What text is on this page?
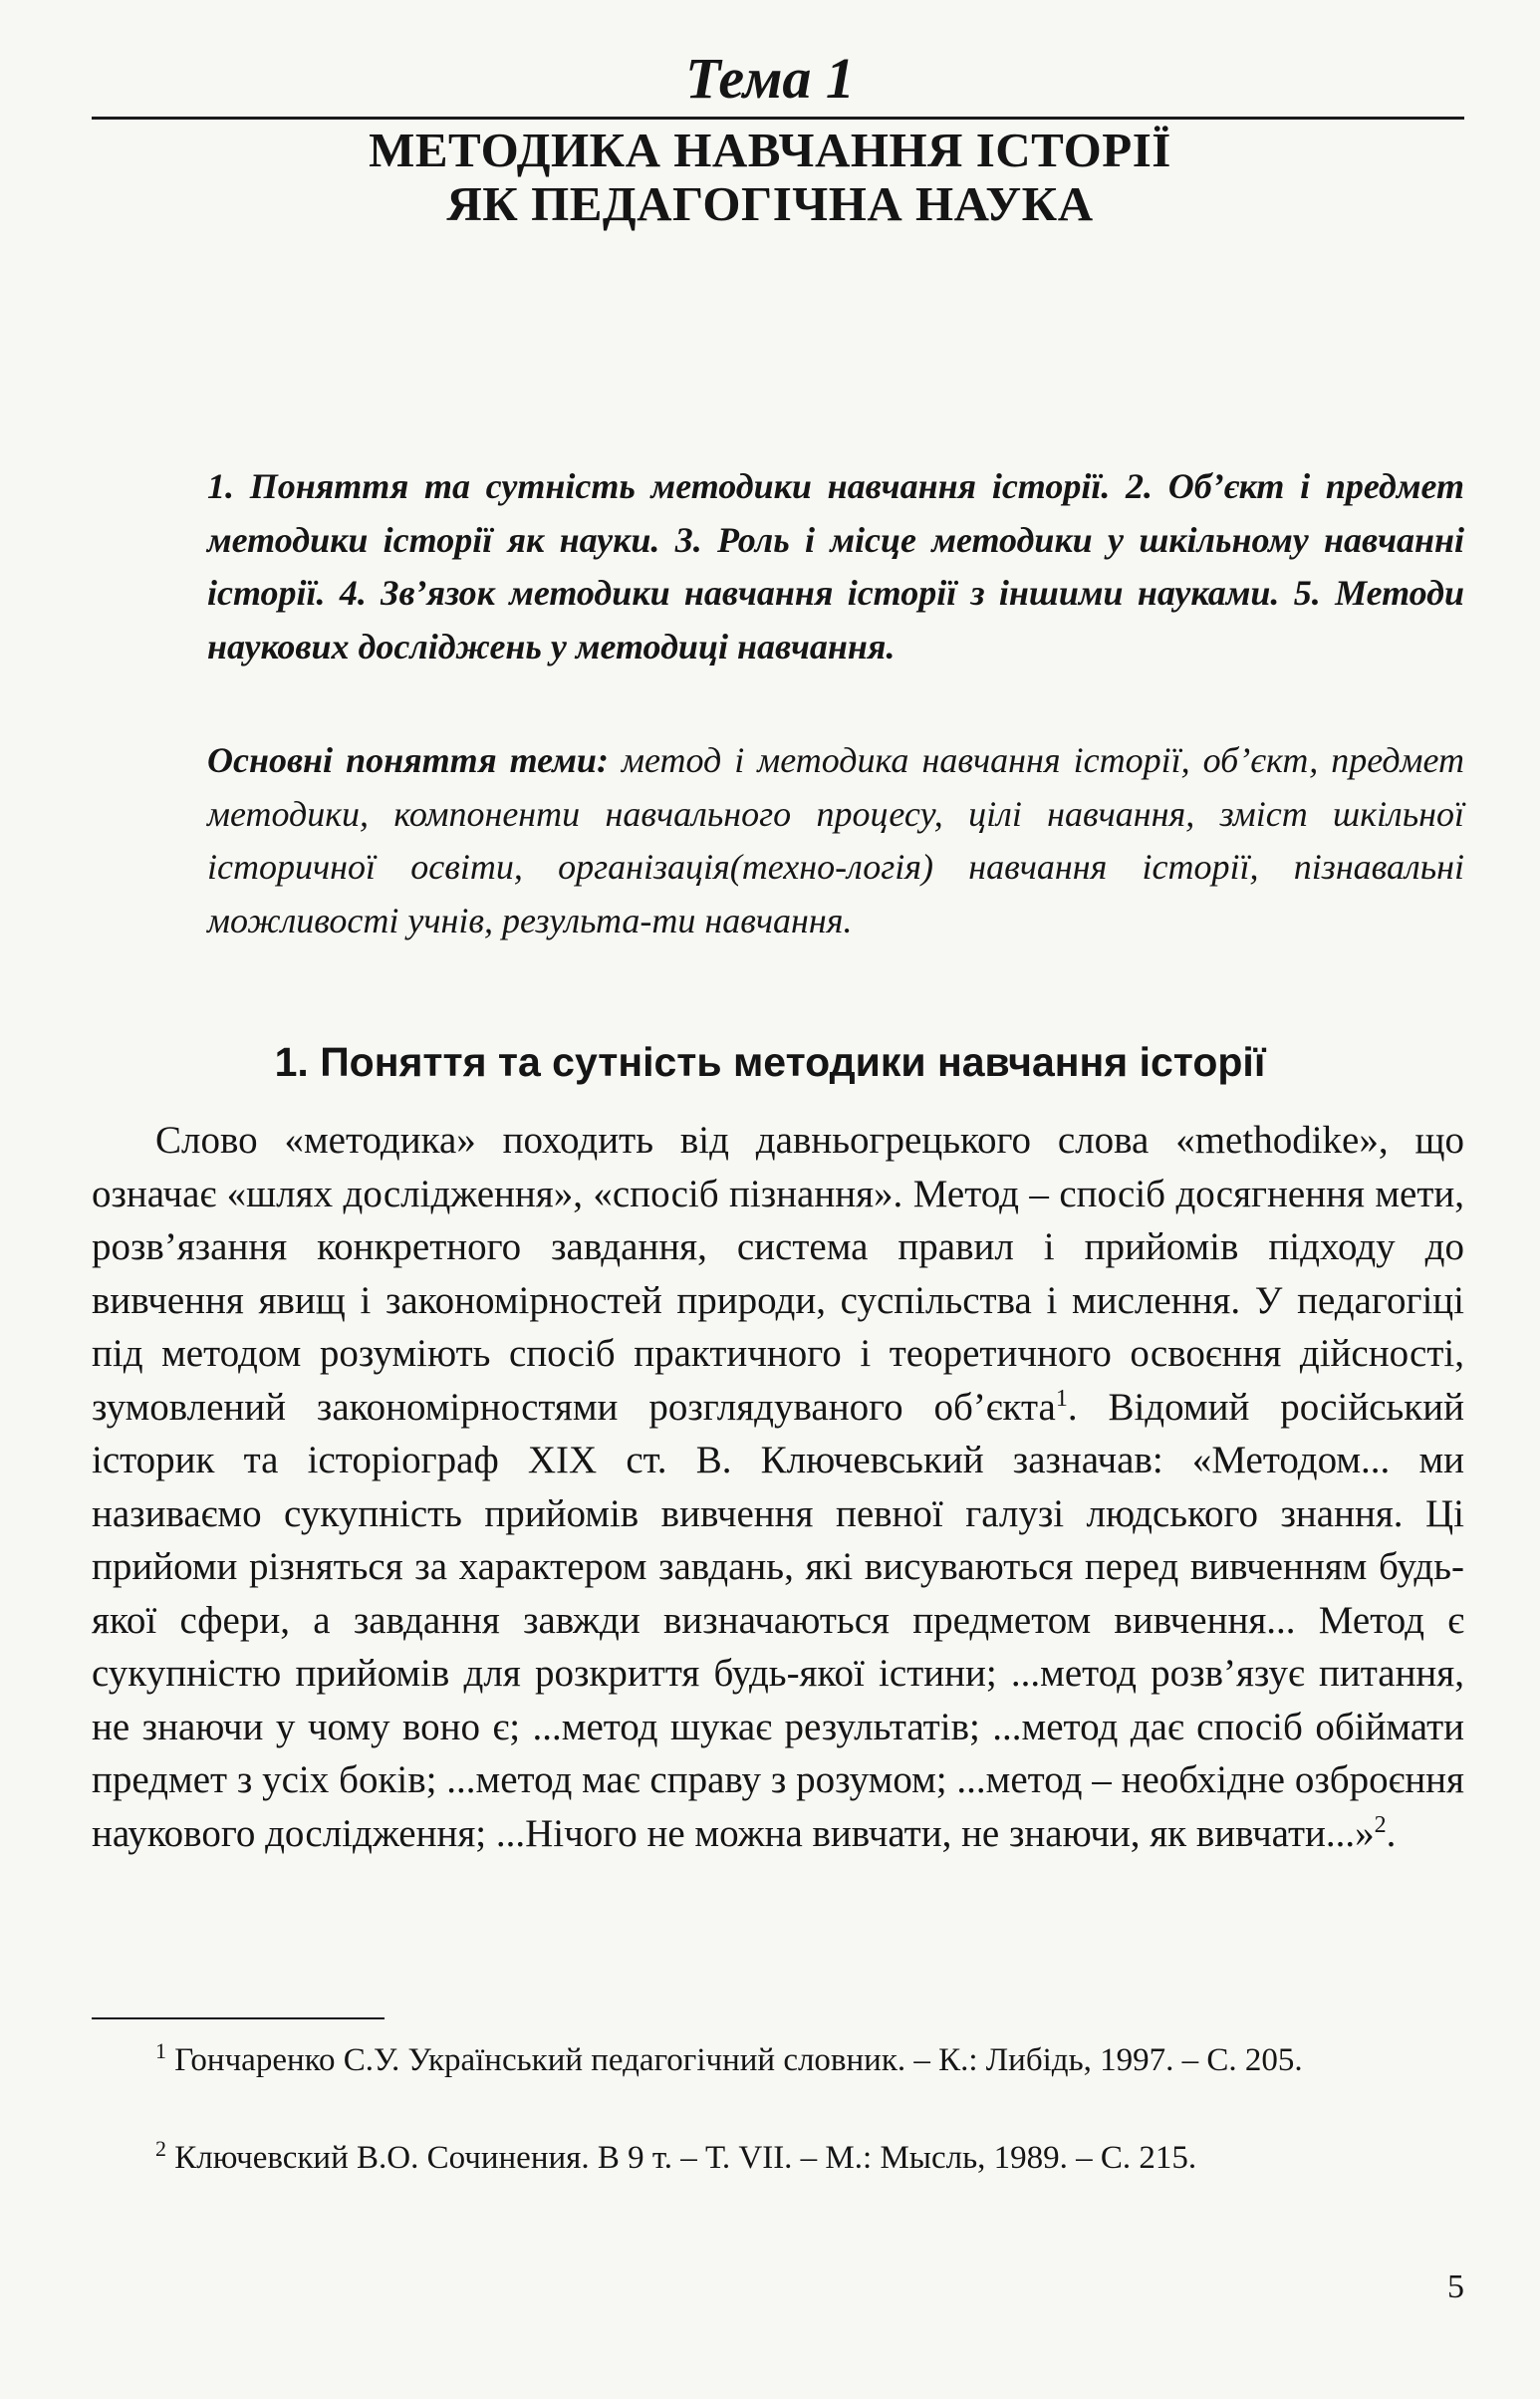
Тема 1
МЕТОДИКА НАВЧАННЯ ІСТОРІЇ
ЯК ПЕДАГОГІЧНА НАУКА

1. Поняття та сутність методики навчання історії. 2. Об’єкт і предмет методики історії як науки. 3. Роль і місце методики у шкільному навчанні історії. 4. Зв’язок методики навчання історії з іншими науками. 5. Методи наукових досліджень у методиці навчання.

Основні поняття теми: метод і методика навчання історії, об’єкт, предмет методики, компоненти навчального процесу, цілі навчання, зміст шкільної історичної освіти, організація(техно-логія) навчання історії, пізнавальні можливості учнів, результа-ти навчання.

1. Поняття та сутність методики навчання історії

Слово «методика» походить від давньогрецького слова «methodike», що означає «шлях дослідження», «спосіб пізнання». Метод – спосіб досягнення мети, розв’язання конкретного завдання, система правил і прийомів підходу до вивчення явищ і закономірностей природи, суспільства і мислення. У педагогіці під методом розуміють спосіб практичного і теоретичного освоєння дійсності, зумовлений закономірностями розглядуваного об’єкта$^1$. Відомий російський історик та історіограф XIX ст. В. Ключевський зазначав: «Методом... ми називаємо сукупність прийомів вивчення певної галузі людського знання. Ці прийоми різняться за характером завдань, які висуваються перед вивченням будь-якої сфери, а завдання завжди визначаються предметом вивчення... Метод є сукупністю прийомів для розкриття будь-якої істини; ...метод розв’язує питання, не знаючи у чому воно є; ...метод шукає результатів; ...метод дає спосіб обіймати предмет з усіх боків; ...метод має справу з розумом; ...метод – необхідне озброєння наукового дослідження; ...Нічого не можна вивчати, не знаючи, як вивчати...»$^2$.

$^1$ Гончаренко С.У. Український педагогічний словник. – К.: Либідь, 1997. – С. 205.

$^2$ Ключевский В.О. Сочинения. В 9 т. – Т. VII. – М.: Мысль, 1989. – С. 215.

5
